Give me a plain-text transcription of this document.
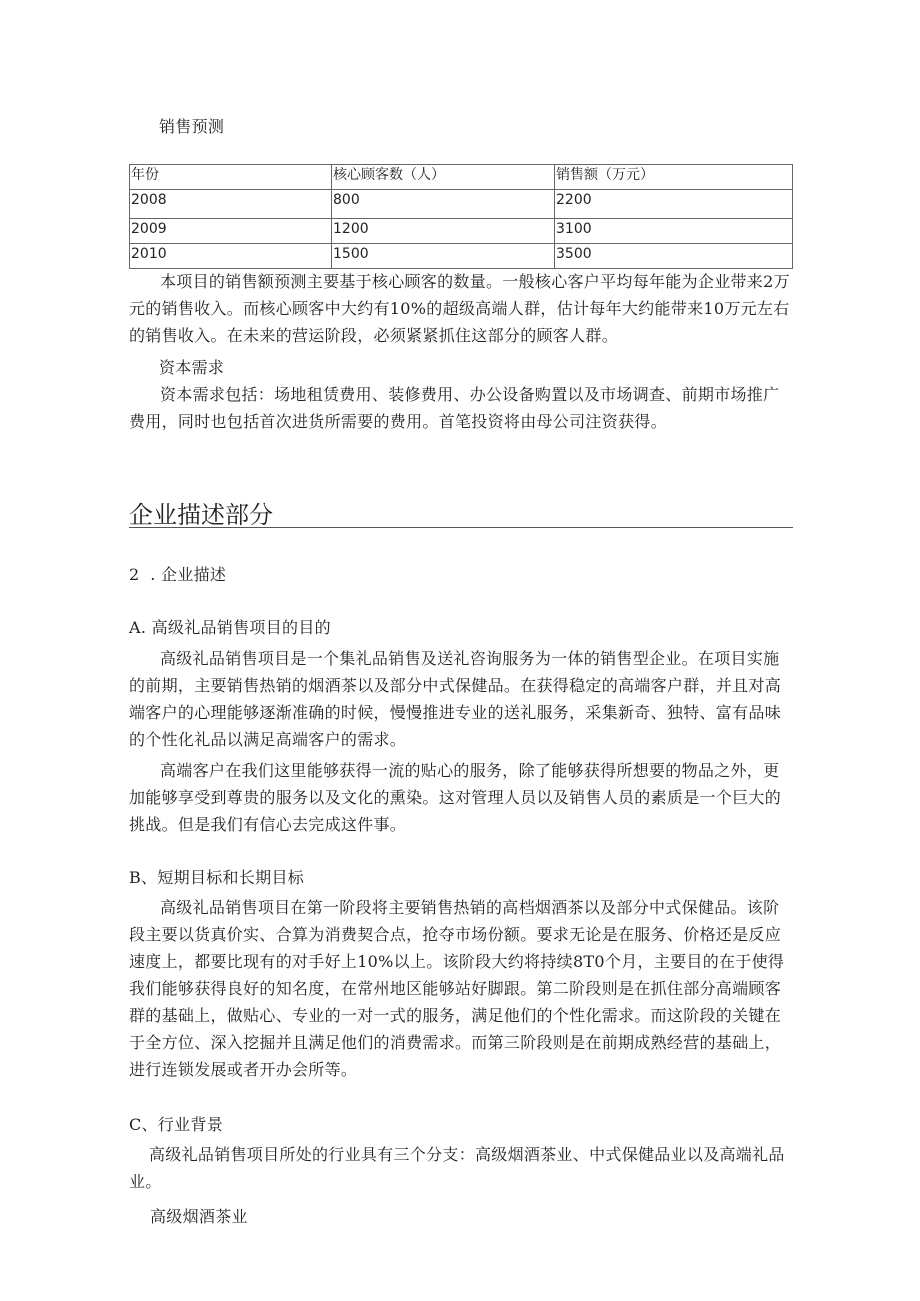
销售预测
年份	核心顾客数（人）	销售额（万元）
2008	800	2200
2009	1200	3100
2010	1500	3500

本项目的销售额预测主要基于核心顾客的数量。一般核心客户平均每年能为企业带来2万元的销售收入。而核心顾客中大约有10%的超级高端人群，估计每年大约能带来10万元左右的销售收入。在未来的营运阶段，必须紧紧抓住这部分的顾客人群。

资本需求

资本需求包括：场地租赁费用、装修费用、办公设备购置以及市场调查、前期市场推广费用，同时也包括首次进货所需要的费用。首笔投资将由母公司注资获得。

企业描述部分
2  . 企业描述
A. 高级礼品销售项目的目的

高级礼品销售项目是一个集礼品销售及送礼咨询服务为一体的销售型企业。在项目实施的前期，主要销售热销的烟酒茶以及部分中式保健品。在获得稳定的高端客户群，并且对高端客户的心理能够逐渐准确的时候，慢慢推进专业的送礼服务，采集新奇、独特、富有品味的个性化礼品以满足高端客户的需求。

高端客户在我们这里能够获得一流的贴心的服务，除了能够获得所想要的物品之外，更加能够享受到尊贵的服务以及文化的熏染。这对管理人员以及销售人员的素质是一个巨大的挑战。但是我们有信心去完成这件事。

B、短期目标和长期目标

高级礼品销售项目在第一阶段将主要销售热销的高档烟酒茶以及部分中式保健品。该阶段主要以货真价实、合算为消费契合点，抢夺市场份额。要求无论是在服务、价格还是反应速度上，都要比现有的对手好上10%以上。该阶段大约将持续8T0个月，主要目的在于使得我们能够获得良好的知名度，在常州地区能够站好脚跟。第二阶段则是在抓住部分高端顾客群的基础上，做贴心、专业的一对一式的服务，满足他们的个性化需求。而这阶段的关键在于全方位、深入挖掘并且满足他们的消费需求。而第三阶段则是在前期成熟经营的基础上，进行连锁发展或者开办会所等。

C、行业背景

高级礼品销售项目所处的行业具有三个分支：高级烟酒茶业、中式保健品业以及高端礼品业。

高级烟酒茶业
